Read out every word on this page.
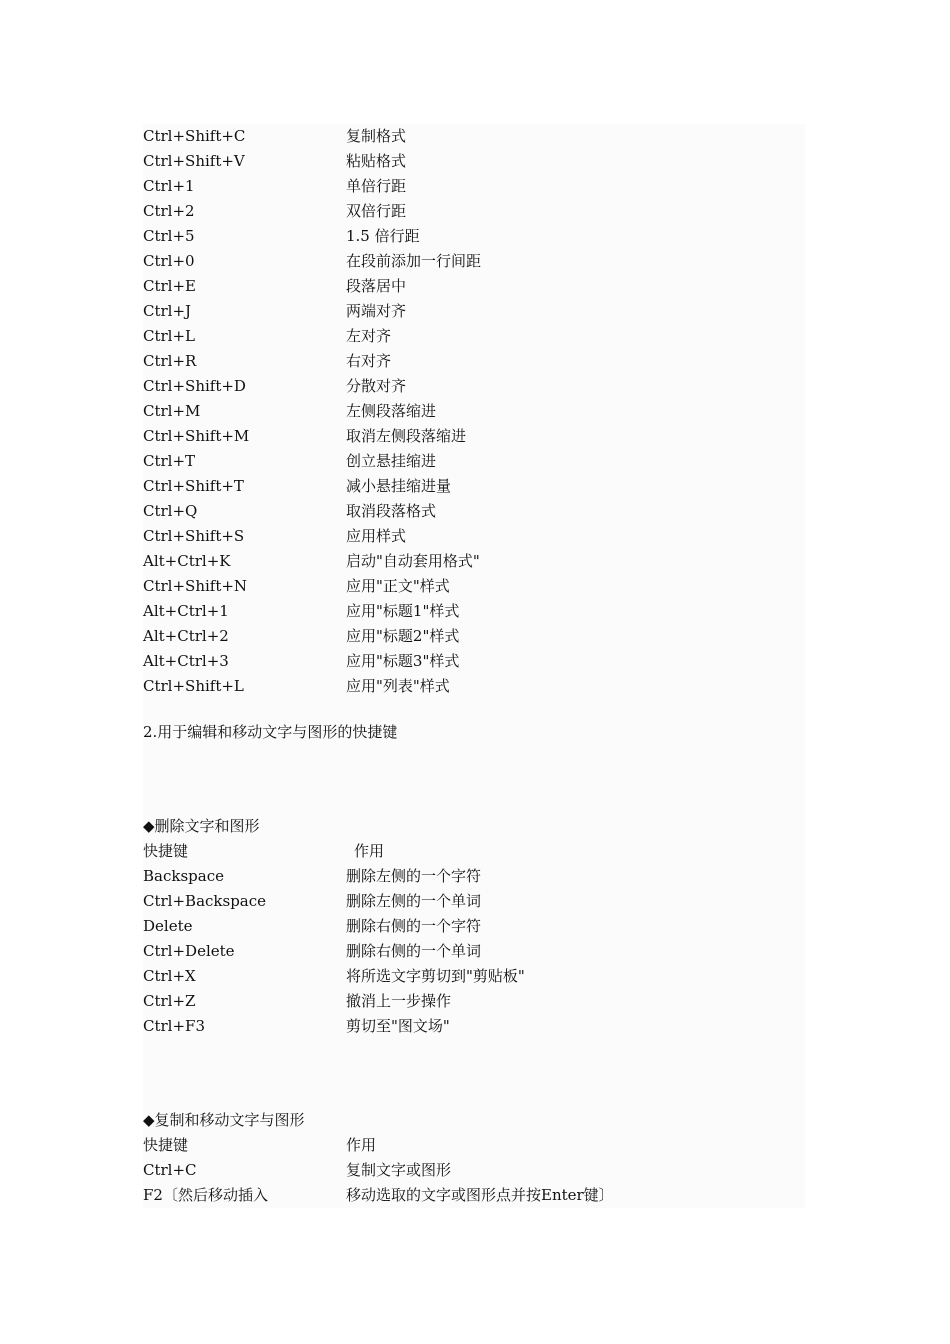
Ctrl+Shift+C	复制格式
Ctrl+Shift+V	粘贴格式
Ctrl+1	单倍行距
Ctrl+2	双倍行距
Ctrl+5	1.5 倍行距
Ctrl+0	在段前添加一行间距
Ctrl+E	段落居中
Ctrl+J	两端对齐
Ctrl+L	左对齐
Ctrl+R	右对齐
Ctrl+Shift+D	分散对齐
Ctrl+M	左侧段落缩进
Ctrl+Shift+M	取消左侧段落缩进
Ctrl+T	创立悬挂缩进
Ctrl+Shift+T	减小悬挂缩进量
Ctrl+Q	取消段落格式
Ctrl+Shift+S	应用样式
Alt+Ctrl+K	启动"自动套用格式"
Ctrl+Shift+N	应用"正文"样式
Alt+Ctrl+1	应用"标题1"样式
Alt+Ctrl+2	应用"标题2"样式
Alt+Ctrl+3	应用"标题3"样式
Ctrl+Shift+L	应用"列表"样式
2.用于编辑和移动文字与图形的快捷键
◆删除文字和图形
快捷键	作用
Backspace	删除左侧的一个字符
Ctrl+Backspace	删除左侧的一个单词
Delete	删除右侧的一个字符
Ctrl+Delete	删除右侧的一个单词
Ctrl+X	将所选文字剪切到"剪贴板"
Ctrl+Z	撤消上一步操作
Ctrl+F3	剪切至"图文场"
◆复制和移动文字与图形
快捷键	作用
Ctrl+C	复制文字或图形
F2〔然后移动插入	移动选取的文字或图形点并按Enter键〕
